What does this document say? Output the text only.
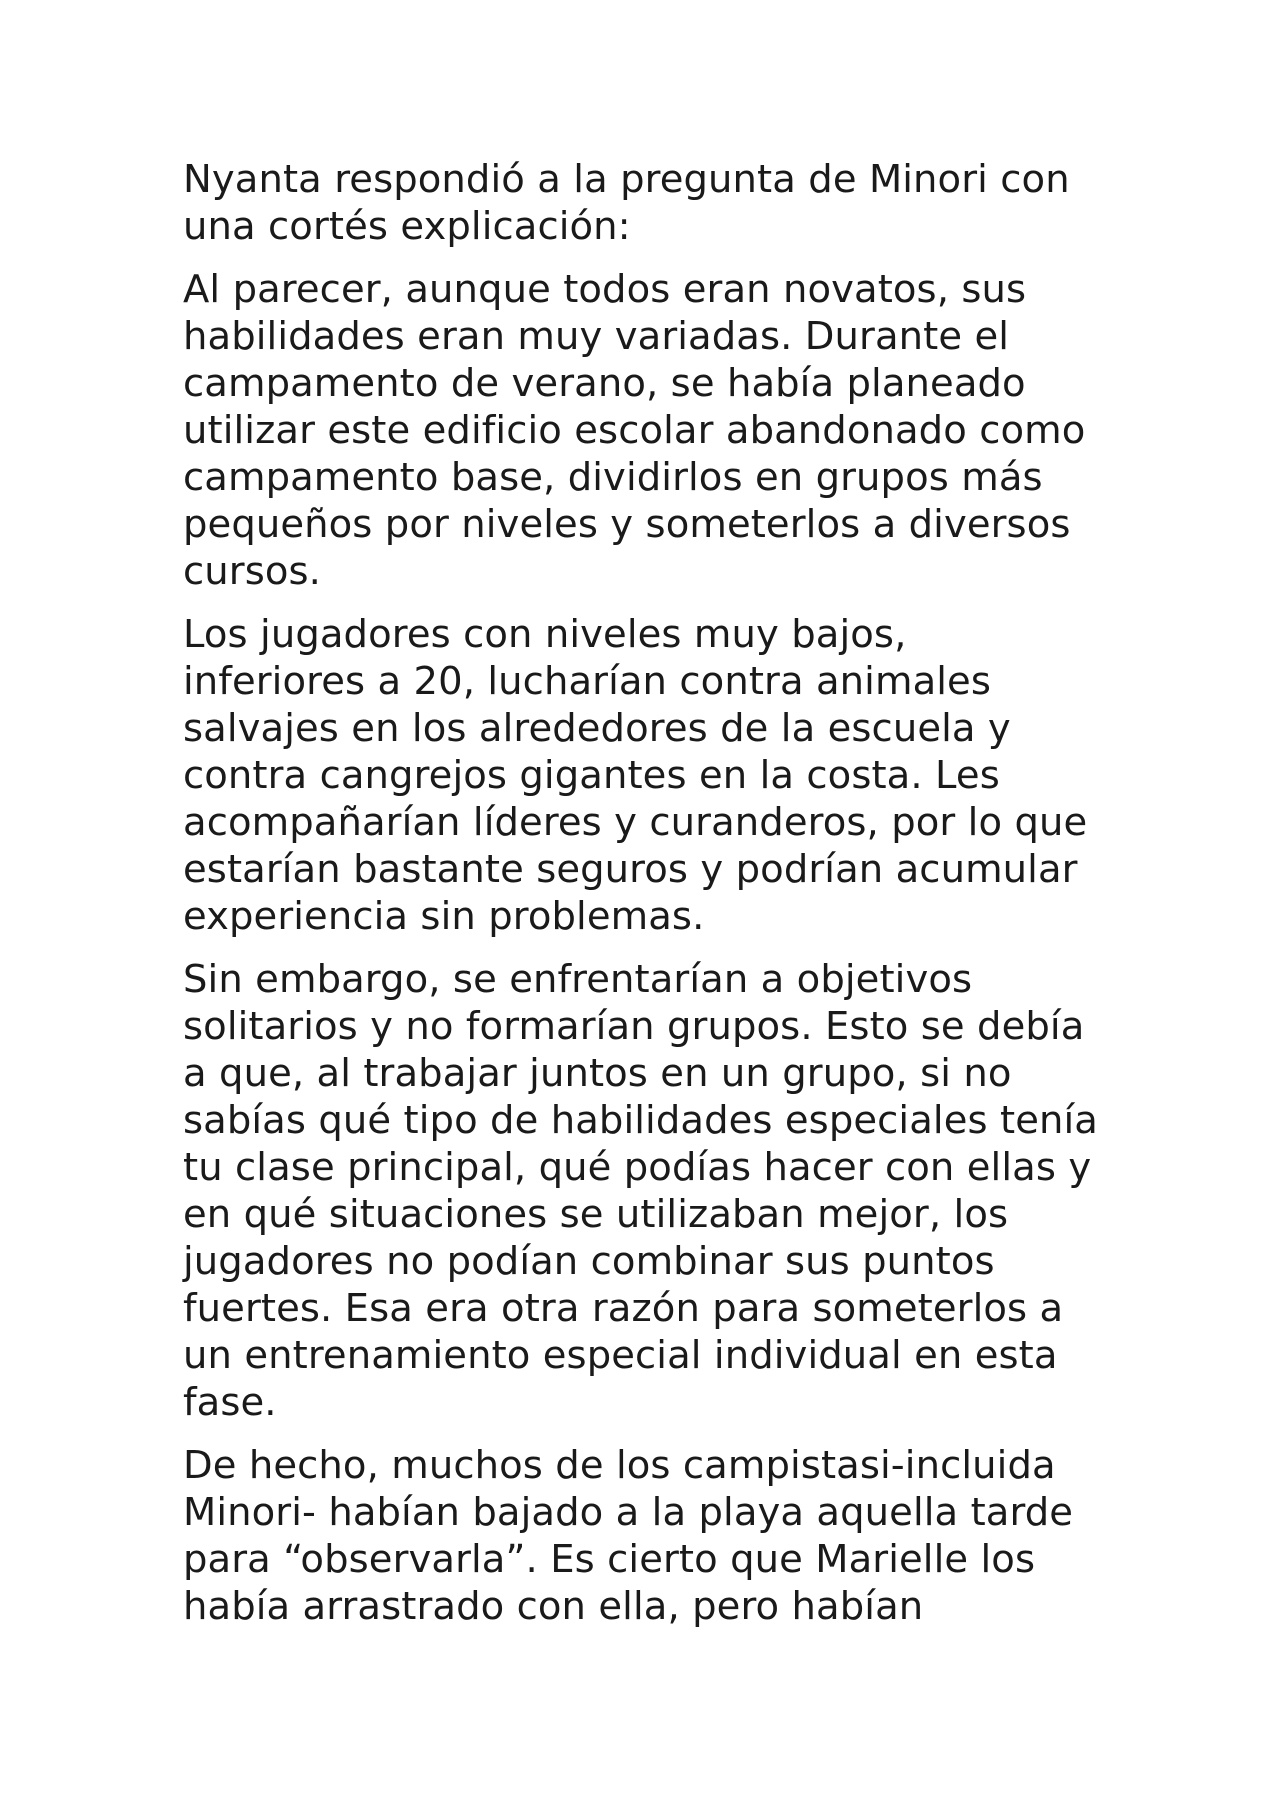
Nyanta respondió a la pregunta de Minori con
una cortés explicación:

Al parecer, aunque todos eran novatos, sus
habilidades eran muy variadas. Durante el
campamento de verano, se había planeado
utilizar este edificio escolar abandonado como
campamento base, dividirlos en grupos más
pequeños por niveles y someterlos a diversos
cursos.

Los jugadores con niveles muy bajos,
inferiores a 20, lucharían contra animales
salvajes en los alrededores de la escuela y
contra cangrejos gigantes en la costa. Les
acompañarían líderes y curanderos, por lo que
estarían bastante seguros y podrían acumular
experiencia sin problemas.

Sin embargo, se enfrentarían a objetivos
solitarios y no formarían grupos. Esto se debía
a que, al trabajar juntos en un grupo, si no
sabías qué tipo de habilidades especiales tenía
tu clase principal, qué podías hacer con ellas y
en qué situaciones se utilizaban mejor, los
jugadores no podían combinar sus puntos
fuertes. Esa era otra razón para someterlos a
un entrenamiento especial individual en esta
fase.

De hecho, muchos de los campistasi-incluida
Minori- habían bajado a la playa aquella tarde
para “observarla”. Es cierto que Marielle los
había arrastrado con ella, pero habían
